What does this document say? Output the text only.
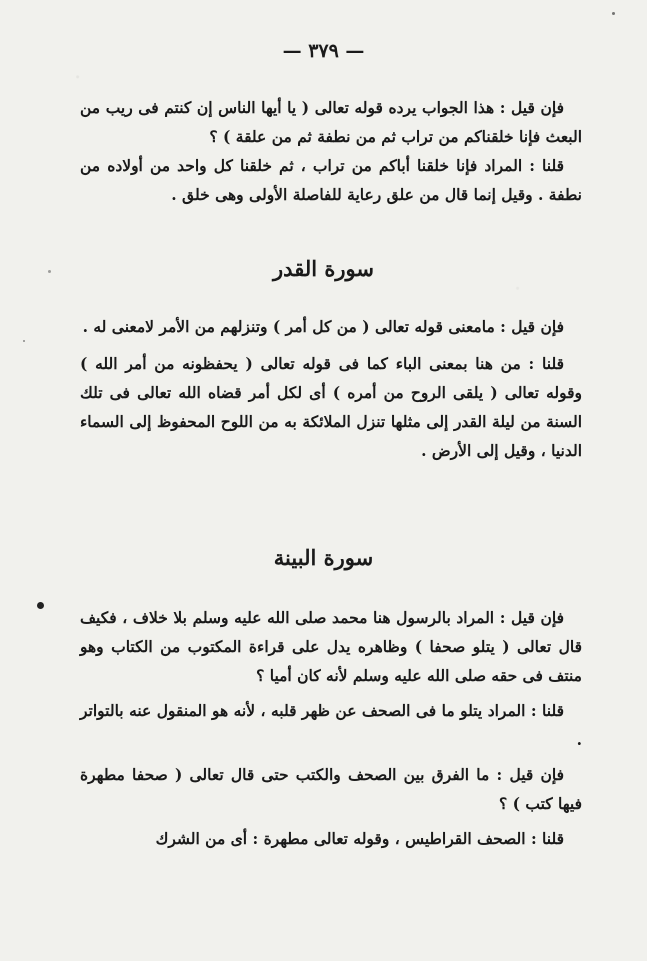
— ٣٧٩ —

فإن قيل : هذا الجواب يرده قوله تعالى ( يا أيها الناس إن كنتم فى ريب من البعث فإنا خلقناكم من تراب ثم من نطفة ثم من علقة ) ؟

قلنا : المراد فإنا خلقنا أباكم من تراب ، ثم خلقنا كل واحد من أولاده من نطفة . وقيل إنما قال من علق رعاية للفاصلة الأولى وهى خلق .

سورة القدر

فإن قيل : مامعنى قوله تعالى ( من كل أمر ) وتنزلهم من الأمر لامعنى له .

قلنا : من هنا بمعنى الباء كما فى قوله تعالى ( يحفظونه من أمر الله ) وقوله تعالى ( يلقى الروح من أمره ) أى لكل أمر قضاه الله تعالى فى تلك السنة من ليلة القدر إلى مثلها تنزل الملائكة به من اللوح المحفوظ إلى السماء الدنيا ، وقيل إلى الأرض .

سورة البينة

فإن قيل : المراد بالرسول هنا محمد صلى الله عليه وسلم بلا خلاف ، فكيف قال تعالى ( يتلو صحفا ) وظاهره يدل على قراءة المكتوب من الكتاب وهو منتف فى حقه صلى الله عليه وسلم لأنه كان أميا ؟

قلنا : المراد يتلو ما فى الصحف عن ظهر قلبه ، لأنه هو المنقول عنه بالتواتر .

فإن قيل : ما الفرق بين الصحف والكتب حتى قال تعالى ( صحفا مطهرة فيها كتب ) ؟

قلنا : الصحف القراطيس ، وقوله تعالى مطهرة : أى من الشرك
